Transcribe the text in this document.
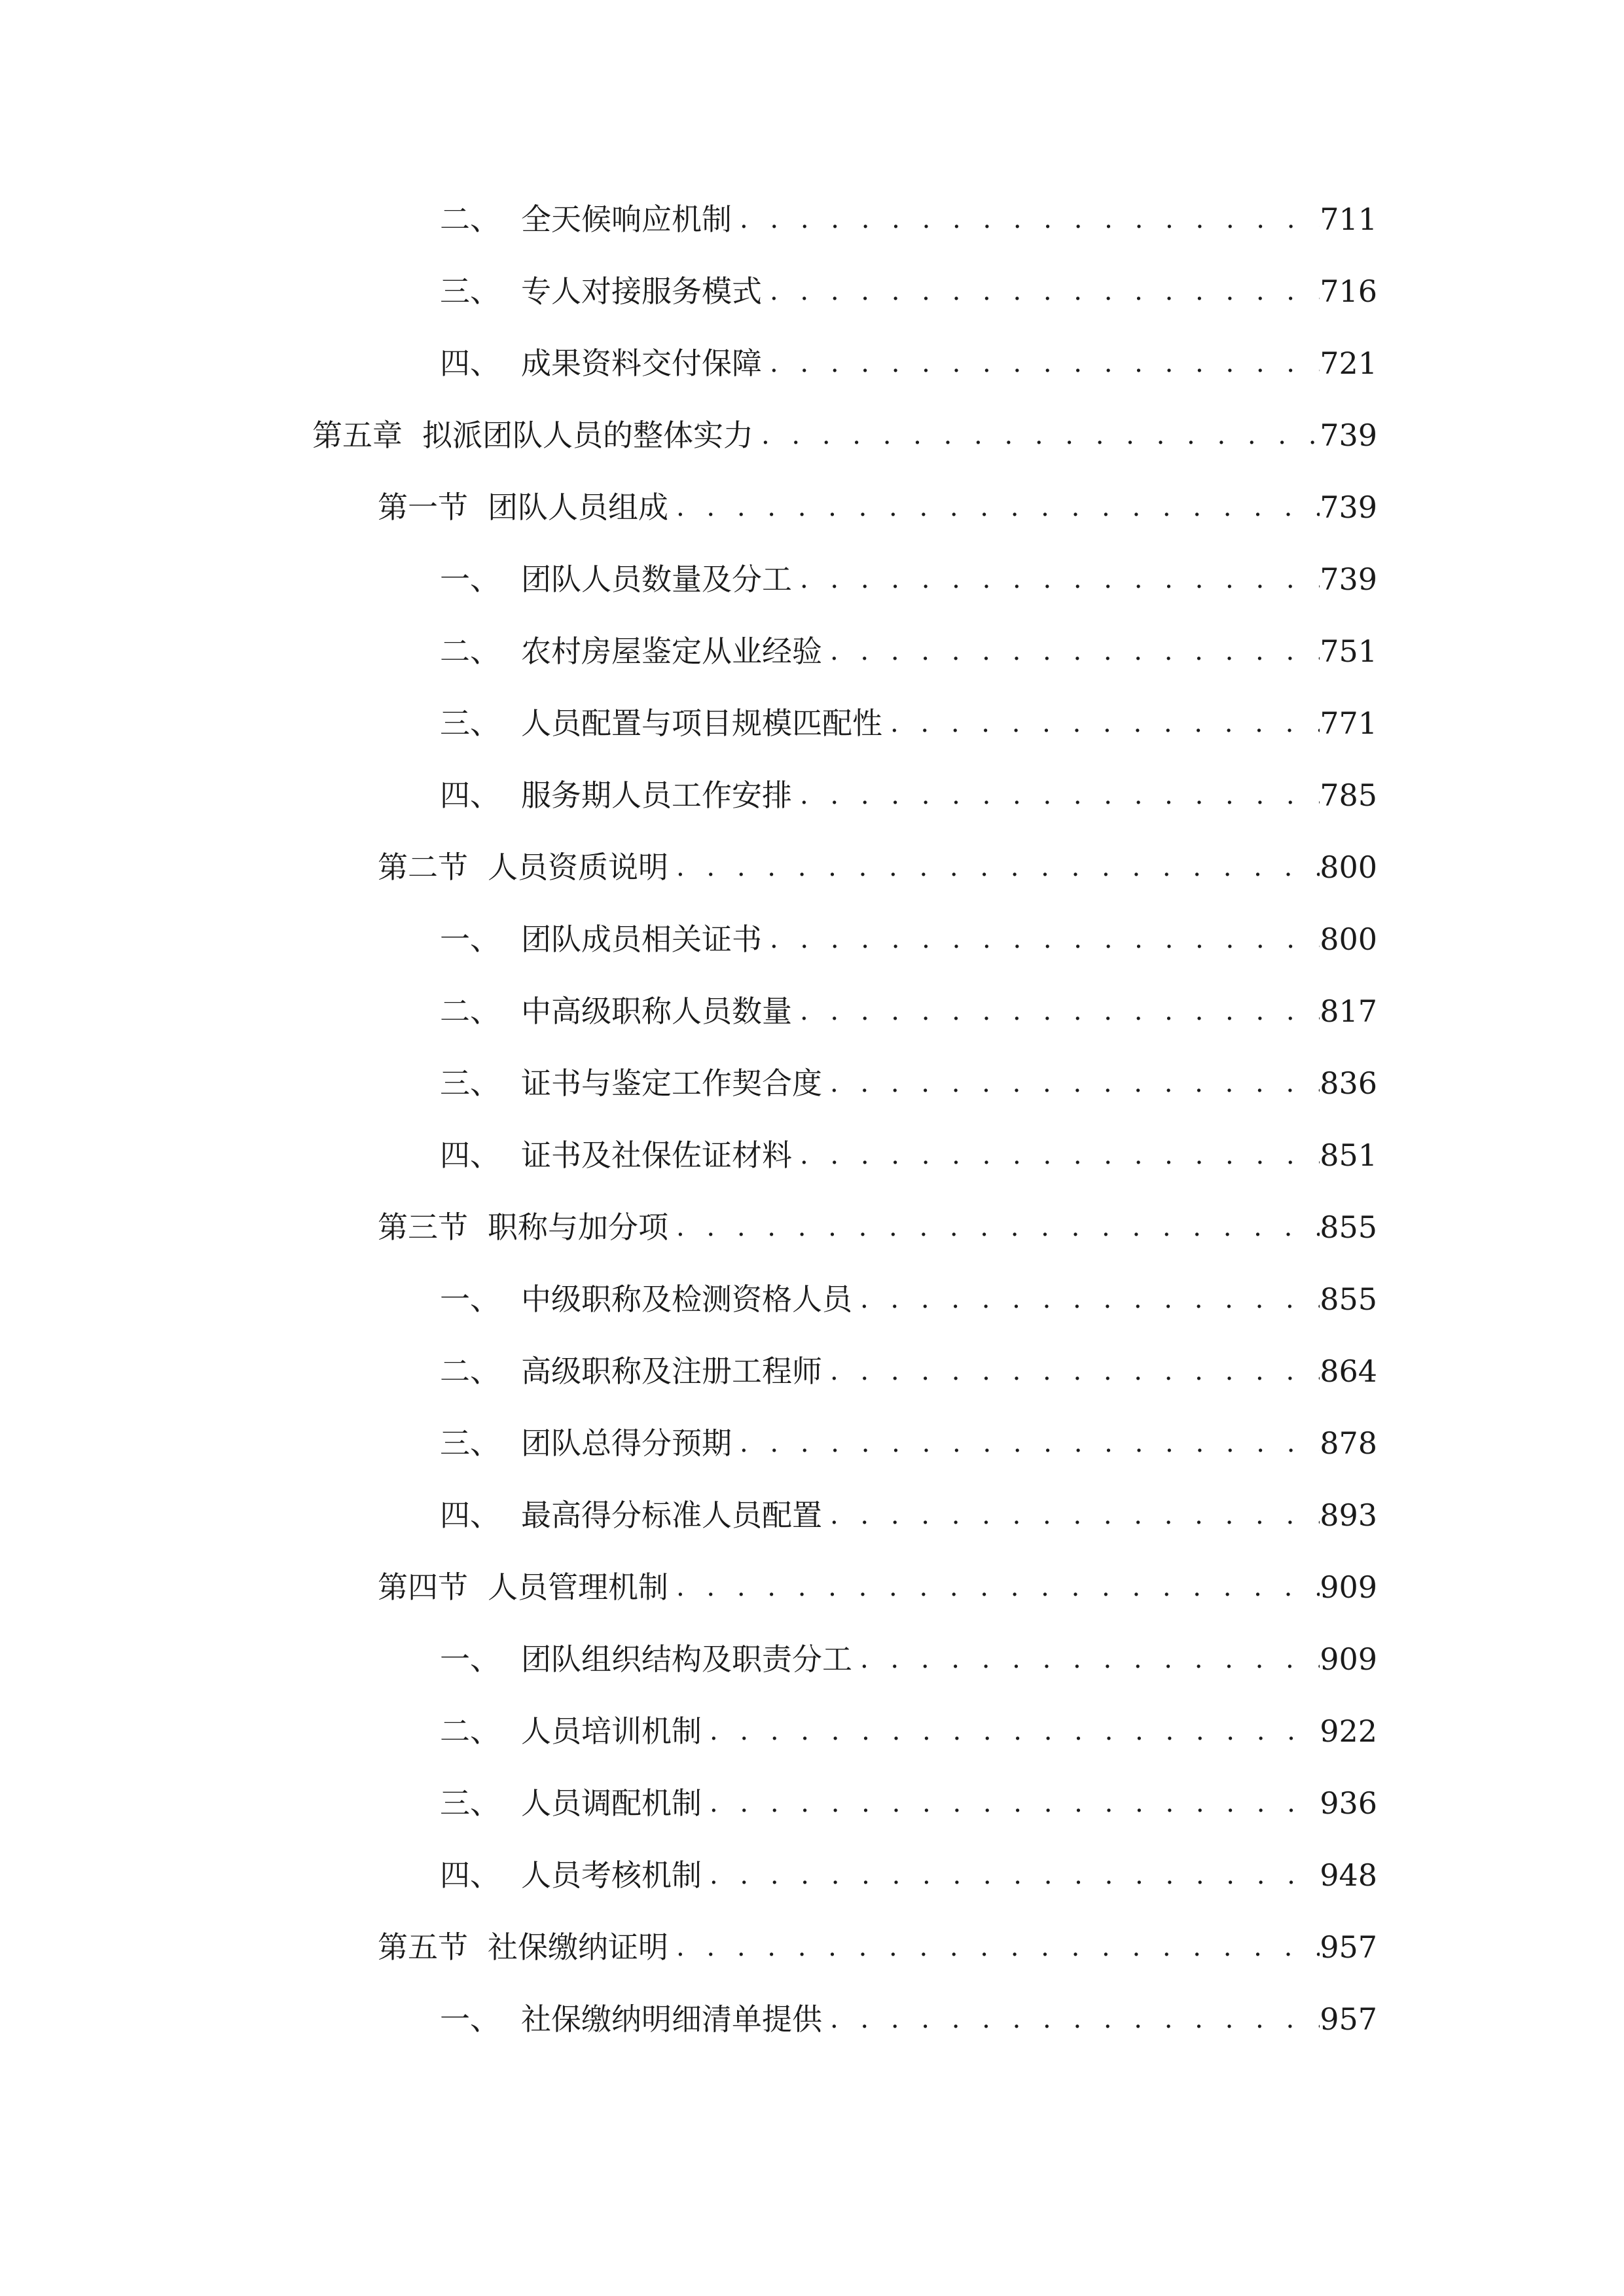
二、 全天候响应机制 . . .	711
三、 专人对接服务模式 . . .	716
四、 成果资料交付保障 . . .	721
第五章 拟派团队人员的整体实力 . . .	739
第一节 团队人员组成 . . .	739
一、 团队人员数量及分工 . . .	739
二、 农村房屋鉴定从业经验 . . .	751
三、 人员配置与项目规模匹配性 . . .	771
四、 服务期人员工作安排 . . .	785
第二节 人员资质说明 . . .	800
一、 团队成员相关证书 . . .	800
二、 中高级职称人员数量 . . .	817
三、 证书与鉴定工作契合度 . . .	836
四、 证书及社保佐证材料 . . .	851
第三节 职称与加分项 . . .	855
一、 中级职称及检测资格人员 . . .	855
二、 高级职称及注册工程师 . . .	864
三、 团队总得分预期 . . .	878
四、 最高得分标准人员配置 . . .	893
第四节 人员管理机制 . . .	909
一、 团队组织结构及职责分工 . . .	909
二、 人员培训机制 . . .	922
三、 人员调配机制 . . .	936
四、 人员考核机制 . . .	948
第五节 社保缴纳证明 . . .	957
一、 社保缴纳明细清单提供 . . .	957
